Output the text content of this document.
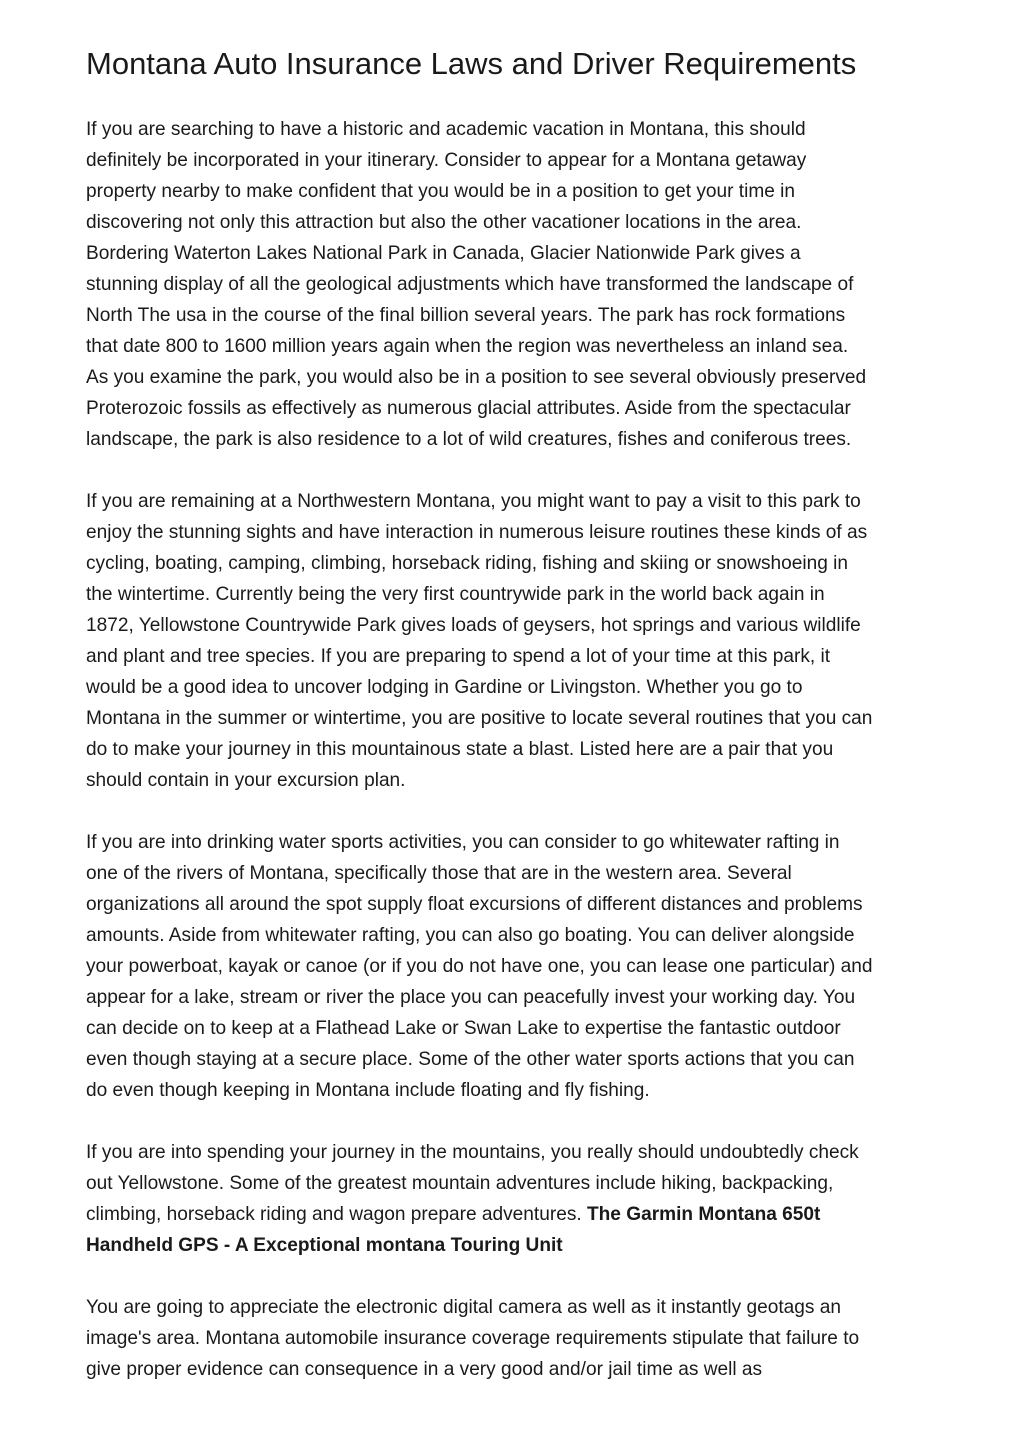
Montana Auto Insurance Laws and Driver Requirements

If you are searching to have a historic and academic vacation in Montana, this should
definitely be incorporated in your itinerary. Consider to appear for a Montana getaway
property nearby to make confident that you would be in a position to get your time in
discovering not only this attraction but also the other vacationer locations in the area.
Bordering Waterton Lakes National Park in Canada, Glacier Nationwide Park gives a
stunning display of all the geological adjustments which have transformed the landscape of
North The usa in the course of the final billion several years. The park has rock formations
that date 800 to 1600 million years again when the region was nevertheless an inland sea.
As you examine the park, you would also be in a position to see several obviously preserved
Proterozoic fossils as effectively as numerous glacial attributes. Aside from the spectacular
landscape, the park is also residence to a lot of wild creatures, fishes and coniferous trees.

If you are remaining at a Northwestern Montana, you might want to pay a visit to this park to
enjoy the stunning sights and have interaction in numerous leisure routines these kinds of as
cycling, boating, camping, climbing, horseback riding, fishing and skiing or snowshoeing in
the wintertime. Currently being the very first countrywide park in the world back again in
1872, Yellowstone Countrywide Park gives loads of geysers, hot springs and various wildlife
and plant and tree species. If you are preparing to spend a lot of your time at this park, it
would be a good idea to uncover lodging in Gardine or Livingston. Whether you go to
Montana in the summer or wintertime, you are positive to locate several routines that you can
do to make your journey in this mountainous state a blast. Listed here are a pair that you
should contain in your excursion plan.

If you are into drinking water sports activities, you can consider to go whitewater rafting in
one of the rivers of Montana, specifically those that are in the western area. Several
organizations all around the spot supply float excursions of different distances and problems
amounts. Aside from whitewater rafting, you can also go boating. You can deliver alongside
your powerboat, kayak or canoe (or if you do not have one, you can lease one particular) and
appear for a lake, stream or river the place you can peacefully invest your working day. You
can decide on to keep at a Flathead Lake or Swan Lake to expertise the fantastic outdoor
even though staying at a secure place. Some of the other water sports actions that you can
do even though keeping in Montana include floating and fly fishing.

If you are into spending your journey in the mountains, you really should undoubtedly check
out Yellowstone. Some of the greatest mountain adventures include hiking, backpacking,
climbing, horseback riding and wagon prepare adventures. The Garmin Montana 650t
Handheld GPS - A Exceptional montana Touring Unit

You are going to appreciate the electronic digital camera as well as it instantly geotags an
image's area. Montana automobile insurance coverage requirements stipulate that failure to
give proper evidence can consequence in a very good and/or jail time as well as
